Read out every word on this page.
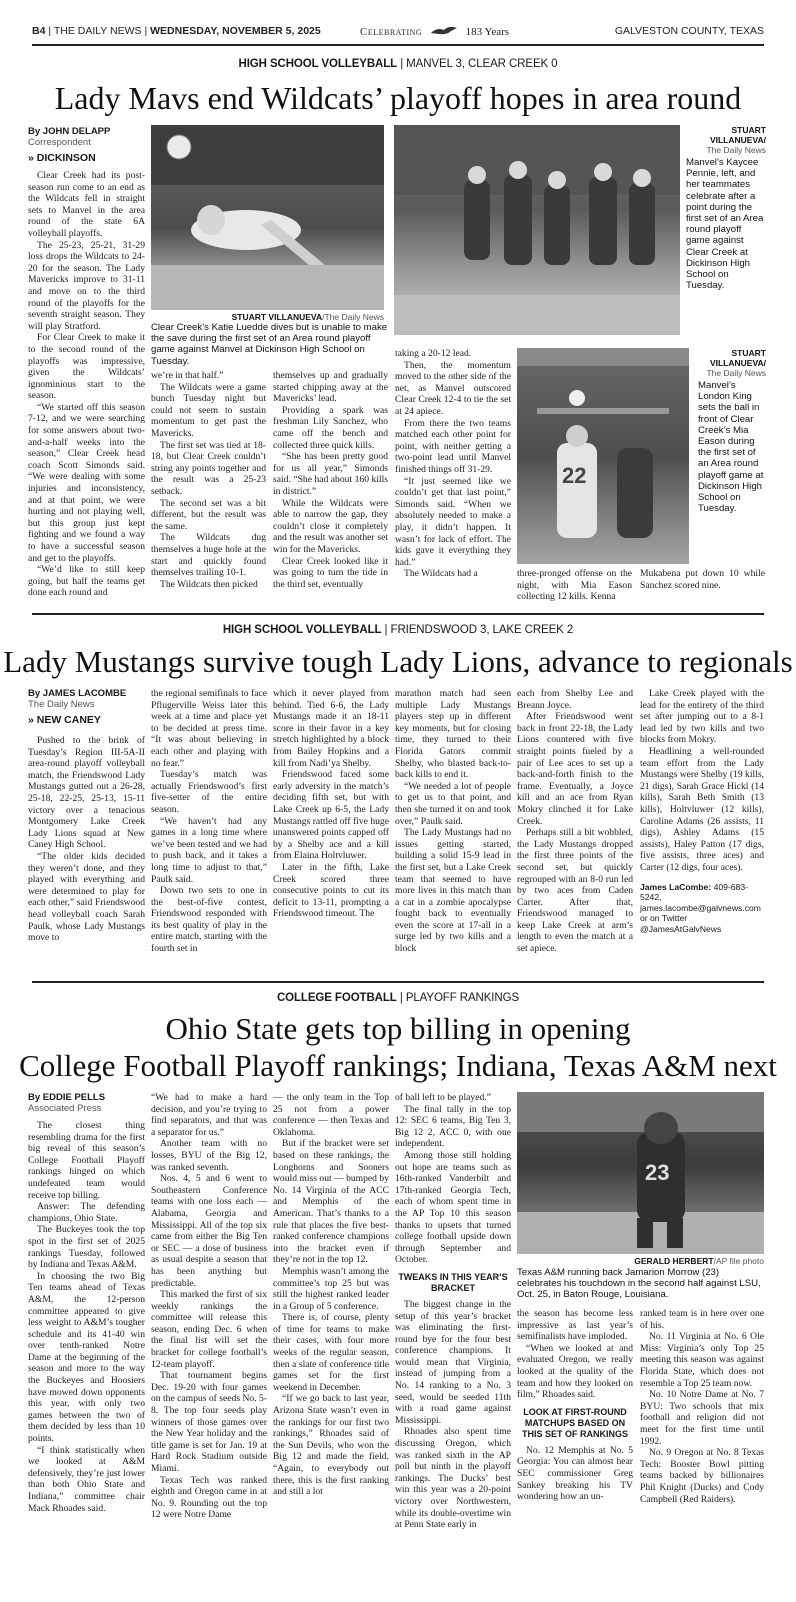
B4 | THE DAILY NEWS | WEDNESDAY, NOVEMBER 5, 2025	Celebrating	183 Years	GALVESTON COUNTY, TEXAS
HIGH SCHOOL VOLLEYBALL | MANVEL 3, CLEAR CREEK 0
Lady Mavs end Wildcats’ playoff hopes in area round
By JOHN DELAPP
Correspondent
» DICKINSON

Clear Creek had its post-season run come to an end as the Wildcats fell in straight sets to Manvel in the area round of the state 6A volleyball playoffs.

The 25-23, 25-21, 31-29 loss drops the Wildcats to 24-20 for the season. The Lady Mavericks improve to 31-11 and move on to the third round of the playoffs for the seventh straight season. They will play Stratford.

For Clear Creek to make it to the second round of the playoffs was impressive, given the Wildcats’ ignominious start to the season.

“We started off this season 7-12, and we were searching for some answers about two-and-a-half weeks into the season,” Clear Creek head coach Scott Simonds said. “We were dealing with some injuries and inconsistency, and at that point, we were hurting and not playing well, but this group just kept fighting and we found a way to have a successful season and get to the playoffs.

“We’d like to still keep going, but half the teams get done each round and

STUART VILLANUEVA/The Daily News
Clear Creek’s Katie Luedde dives but is unable to make the save during the first set of an Area round playoff game against Manvel at Dickinson High School on Tuesday.
STUART VILLANUEVA/
The Daily News
Manvel’s Kaycee Pennie, left, and her teammates celebrate after a point during the first set of an Area round playoff game against Clear Creek at Dickinson High School on Tuesday.
22
STUART VILLANUEVA/
The Daily News
Manvel’s London King sets the ball in front of Clear Creek’s Mia Eason during the first set of an Area round playoff game at Dickinson High School on Tuesday.

we’re in that half.”

The Wildcats were a game bunch Tuesday night but could not seem to sustain momentum to get past the Mavericks.

The first set was tied at 18-18, but Clear Creek couldn’t string any points together and the result was a 25-23 setback.

The second set was a bit different, but the result was the same.

The Wildcats dug themselves a huge hole at the start and quickly found themselves trailing 10-1.

The Wildcats then picked

themselves up and gradually started chipping away at the Mavericks’ lead.

Providing a spark was freshman Lily Sanchez, who came off the bench and collected three quick kills.

“She has been pretty good for us all year,” Simonds said. “She had about 160 kills in district.”

While the Wildcats were able to narrow the gap, they couldn’t close it completely and the result was another set win for the Mavericks.

Clear Creek looked like it was going to turn the tide in the third set, eventually

taking a 20-12 lead.

Then, the momentum moved to the other side of the net, as Manvel outscored Clear Creek 12-4 to tie the set at 24 apiece.

From there the two teams matched each other point for point, with neither getting a two-point lead until Manvel finished things off 31-29.

“It just seemed like we couldn’t get that last point,” Simonds said. “When we absolutely needed to make a play, it didn’t happen. It wasn’t for lack of effort. The kids gave it everything they had.”

The Wildcats had a	three-pronged offense on the night, with Mia Eason collecting 12 kills. Kenna

Mukabena put down 10 while Sanchez scored nine.

HIGH SCHOOL VOLLEYBALL | FRIENDSWOOD 3, LAKE CREEK 2
Lady Mustangs survive tough Lady Lions, advance to regionals
By JAMES LACOMBE
The Daily News
» NEW CANEY

Pushed to the brink of Tuesday’s Region III-5A-II area-round playoff volleyball match, the Friendswood Lady Mustangs gutted out a 26-28, 25-18, 22-25, 25-13, 15-11 victory over a tenacious Montgomery Lake Creek Lady Lions squad at New Caney High School.

“The older kids decided they weren’t done, and they played with everything and were determined to play for each other,” said Friendswood head volleyball coach Sarah Paulk, whose Lady Mustangs move to

the regional semifinals to face Pflugerville Weiss later this week at a time and place yet to be decided at press time. “It was about believing in each other and playing with no fear.”

Tuesday’s match was actually Friendswood’s first five-setter of the entire season.

“We haven’t had any games in a long time where we’ve been tested and we had to push back, and it takes a long time to adjust to that,” Paulk said.

Down two sets to one in the best-of-five contest, Friendswood responded with its best quality of play in the entire match, starting with the fourth set in

which it never played from behind. Tied 6-6, the Lady Mustangs made it an 18-11 score in their favor in a key stretch highlighted by a block from Bailey Hopkins and a kill from Nadi’ya Shelby.

Friendswood faced some early adversity in the match’s deciding fifth set, but with Lake Creek up 6-5, the Lady Mustangs rattled off five huge unanswered points capped off by a Shelby ace and a kill from Elaina Holtvluwer.

Later in the fifth, Lake Creek scored three consecutive points to cut its deficit to 13-11, prompting a Friendswood timeout. The

marathon match had seen multiple Lady Mustangs players step up in different key moments, but for closing time, they turned to their Florida Gators commit Shelby, who blasted back-to-back kills to end it.

“We needed a lot of people to get us to that point, and then she turned it on and took over,” Paulk said.

The Lady Mustangs had no issues getting started, building a solid 15-9 lead in the first set, but a Lake Creek team that seemed to have more lives in this match than a cat in a zombie apocalypse fought back to eventually even the score at 17-all in a surge led by two kills and a block

each from Shelby Lee and Breann Joyce.

After Friendswood went back in front 22-18, the Lady Lions countered with five straight points fueled by a pair of Lee aces to set up a back-and-forth finish to the frame. Eventually, a Joyce kill and an ace from Ryan Mokry clinched it for Lake Creek.

Perhaps still a bit wobbled, the Lady Mustangs dropped the first three points of the second set, but quickly regrouped with an 8-0 run led by two aces from Caden Carter. After that, Friendswood managed to keep Lake Creek at arm’s length to even the match at a set apiece.

Lake Creek played with the lead for the entirety of the third set after jumping out to a 8-1 lead led by two kills and two blocks from Mokry.

Headlining a well-rounded team effort from the Lady Mustangs were Shelby (19 kills, 21 digs), Sarah Grace Hickl (14 kills), Sarah Beth Smith (13 kills), Holtvluwer (12 kills), Caroline Adams (26 assists, 11 digs), Ashley Adams (15 assists), Haley Patton (17 digs, five assists, three aces) and Carter (12 digs, four aces).

James LaCombe: 409-683-5242, james.lacombe@galvnews.com or on Twitter @JamesAtGalvNews
COLLEGE FOOTBALL | PLAYOFF RANKINGS
Ohio State gets top billing in opening
College Football Playoff rankings; Indiana, Texas A&M next
By EDDIE PELLS
Associated Press

The closest thing resembling drama for the first big reveal of this season’s College Football Playoff rankings hinged on which undefeated team would receive top billing.

Answer: The defending champions, Ohio State.

The Buckeyes took the top spot in the first set of 2025 rankings Tuesday, followed by Indiana and Texas A&M.

In choosing the two Big Ten teams ahead of Texas A&M, the 12-person committee appeared to give less weight to A&M’s tougher schedule and its 41-40 win over tenth-ranked Notre Dame at the beginning of the season and more to the way the Buckeyes and Hoosiers have mowed down opponents this year, with only two games between the two of them decided by less than 10 points.

“I think statistically when we looked at A&M defensively, they’re just lower than both Ohio State and Indiana,” committee chair Mack Rhoades said.

“We had to make a hard decision, and you’re trying to find separators, and that was a separator for us.”

Another team with no losses, BYU of the Big 12, was ranked seventh.

Nos. 4, 5 and 6 went to Southeastern Conference teams with one loss each — Alabama, Georgia and Mississippi. All of the top six came from either the Big Ten or SEC — a dose of business as usual despite a season that has been anything but predictable.

This marked the first of six weekly rankings the committee will release this season, ending Dec. 6 when the final list will set the bracket for college football’s 12-team playoff.

That tournament begins Dec. 19-20 with four games on the campus of seeds No. 5-8. The top four seeds play winners of those games over the New Year holiday and the title game is set for Jan. 19 at Hard Rock Stadium outside Miami.

Texas Tech was ranked eighth and Oregon came in at No. 9. Rounding out the top 12 were Notre Dame

— the only team in the Top 25 not from a power conference — then Texas and Oklahoma.

But if the bracket were set based on these rankings, the Longhorns and Sooners would miss out — bumped by No. 14 Virginia of the ACC and Memphis of the American. That’s thanks to a rule that places the five best-ranked conference champions into the bracket even if they’re not in the top 12.

Memphis wasn’t among the committee’s top 25 but was still the highest ranked leader in a Group of 5 conference.

There is, of course, plenty of time for teams to make their cases, with four more weeks of the regular season, then a slate of conference title games set for the first weekend in December.

“If we go back to last year, Arizona State wasn’t even in the rankings for our first two rankings,” Rhoades said of the Sun Devils, who won the Big 12 and made the field. “Again, to everybody out there, this is the first ranking and still a lot

of ball left to be played.”

The final tally in the top 12: SEC 6 teams, Big Ten 3, Big 12 2, ACC 0, with one independent.

Among those still holding out hope are teams such as 16th-ranked Vanderbilt and 17th-ranked Georgia Tech, each of whom spent time in the AP Top 10 this season thanks to upsets that turned college football upside down through September and October.

TWEAKS IN THIS YEAR’S BRACKET

The biggest change in the setup of this year’s bracket was eliminating the first-round bye for the four best conference champions. It would mean that Virginia, instead of jumping from a No. 14 ranking to a No. 3 seed, would be seeded 11th with a road game against Mississippi.

Rhoades also spent time discussing Oregon, which was ranked sixth in the AP poll but ninth in the playoff rankings. The Ducks’ best win this year was a 20-point victory over Northwestern, while its double-overtime win at Penn State early in

23
GERALD HERBERT/AP file photo
Texas A&M running back Jamarion Morrow (23) celebrates his touchdown in the second half against LSU, Oct. 25, in Baton Rouge, Louisiana.

the season has become less impressive as last year’s semifinalists have imploded.

“When we looked at and evaluated Oregon, we really looked at the quality of the team and how they looked on film,” Rhoades said.

LOOK AT FIRST-ROUND MATCHUPS BASED ON THIS SET OF RANKINGS

No. 12 Memphis at No. 5 Georgia: You can almost hear SEC commissioner Greg Sankey breaking his TV wondering how an un-

ranked team is in here over one of his.

No. 11 Virginia at No. 6 Ole Miss: Virginia’s only Top 25 meeting this season was against Florida State, which does not resemble a Top 25 team now.

No. 10 Notre Dame at No. 7 BYU: Two schools that mix football and religion did not meet for the first time until 1992.

No. 9 Oregon at No. 8 Texas Tech: Booster Bowl pitting teams backed by billionaires Phil Knight (Ducks) and Cody Campbell (Red Raiders).
